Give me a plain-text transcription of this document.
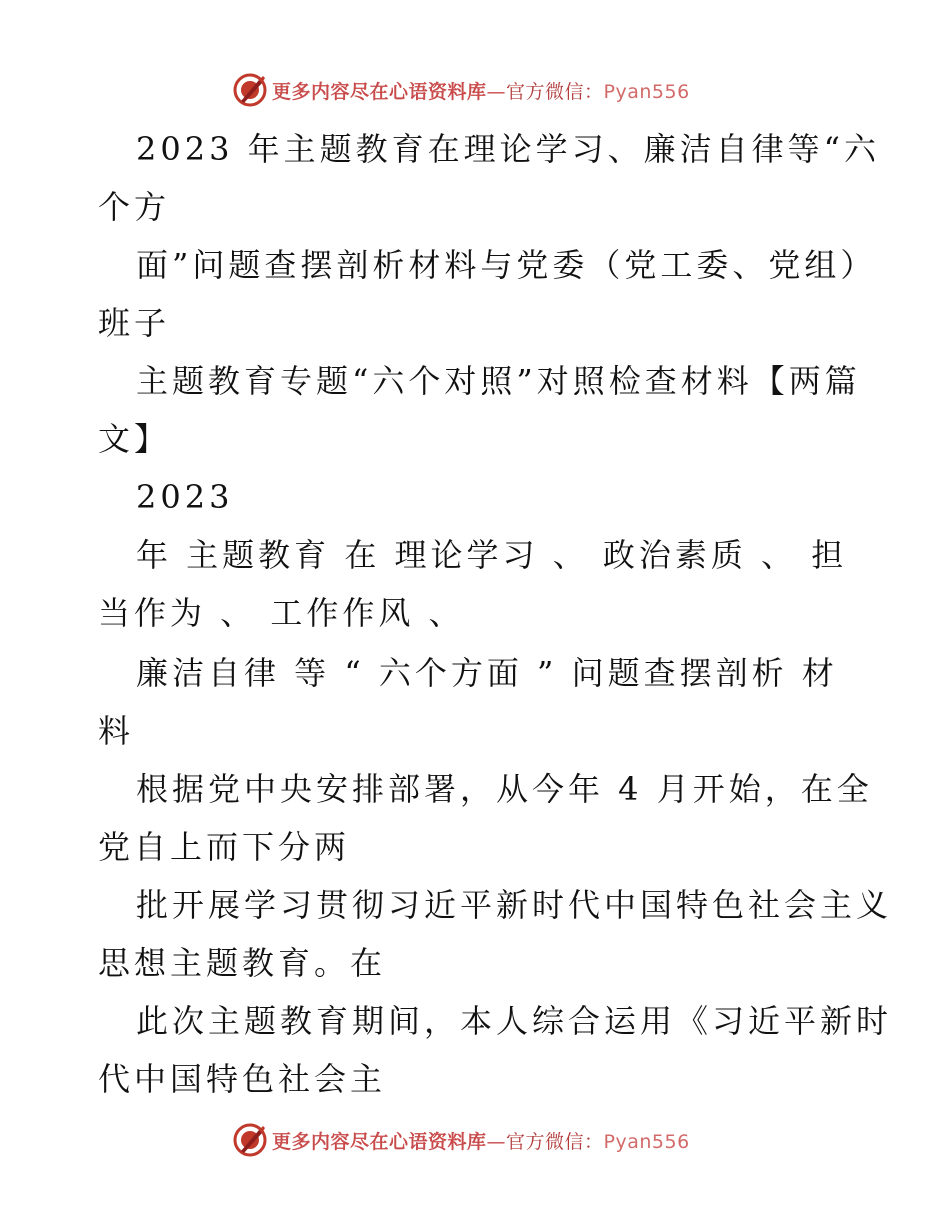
更多内容尽在心语资料库—官方微信：Pyan556
2023 年主题教育在理论学习、廉洁自律等“六
个方
面”问题查摆剖析材料与党委（党工委、党组）
班子
主题教育专题“六个对照”对照检查材料【两篇
文】
2023
年 主题教育 在 理论学习 、 政治素质 、 担
当作为 、 工作作风 、
廉洁自律 等 “ 六个方面 ” 问题查摆剖析 材
料
根据党中央安排部署，从今年 4 月开始，在全
党自上而下分两
批开展学习贯彻习近平新时代中国特色社会主义
思想主题教育。在
此次主题教育期间，本人综合运用《习近平新时
代中国特色社会主
更多内容尽在心语资料库—官方微信：Pyan556
